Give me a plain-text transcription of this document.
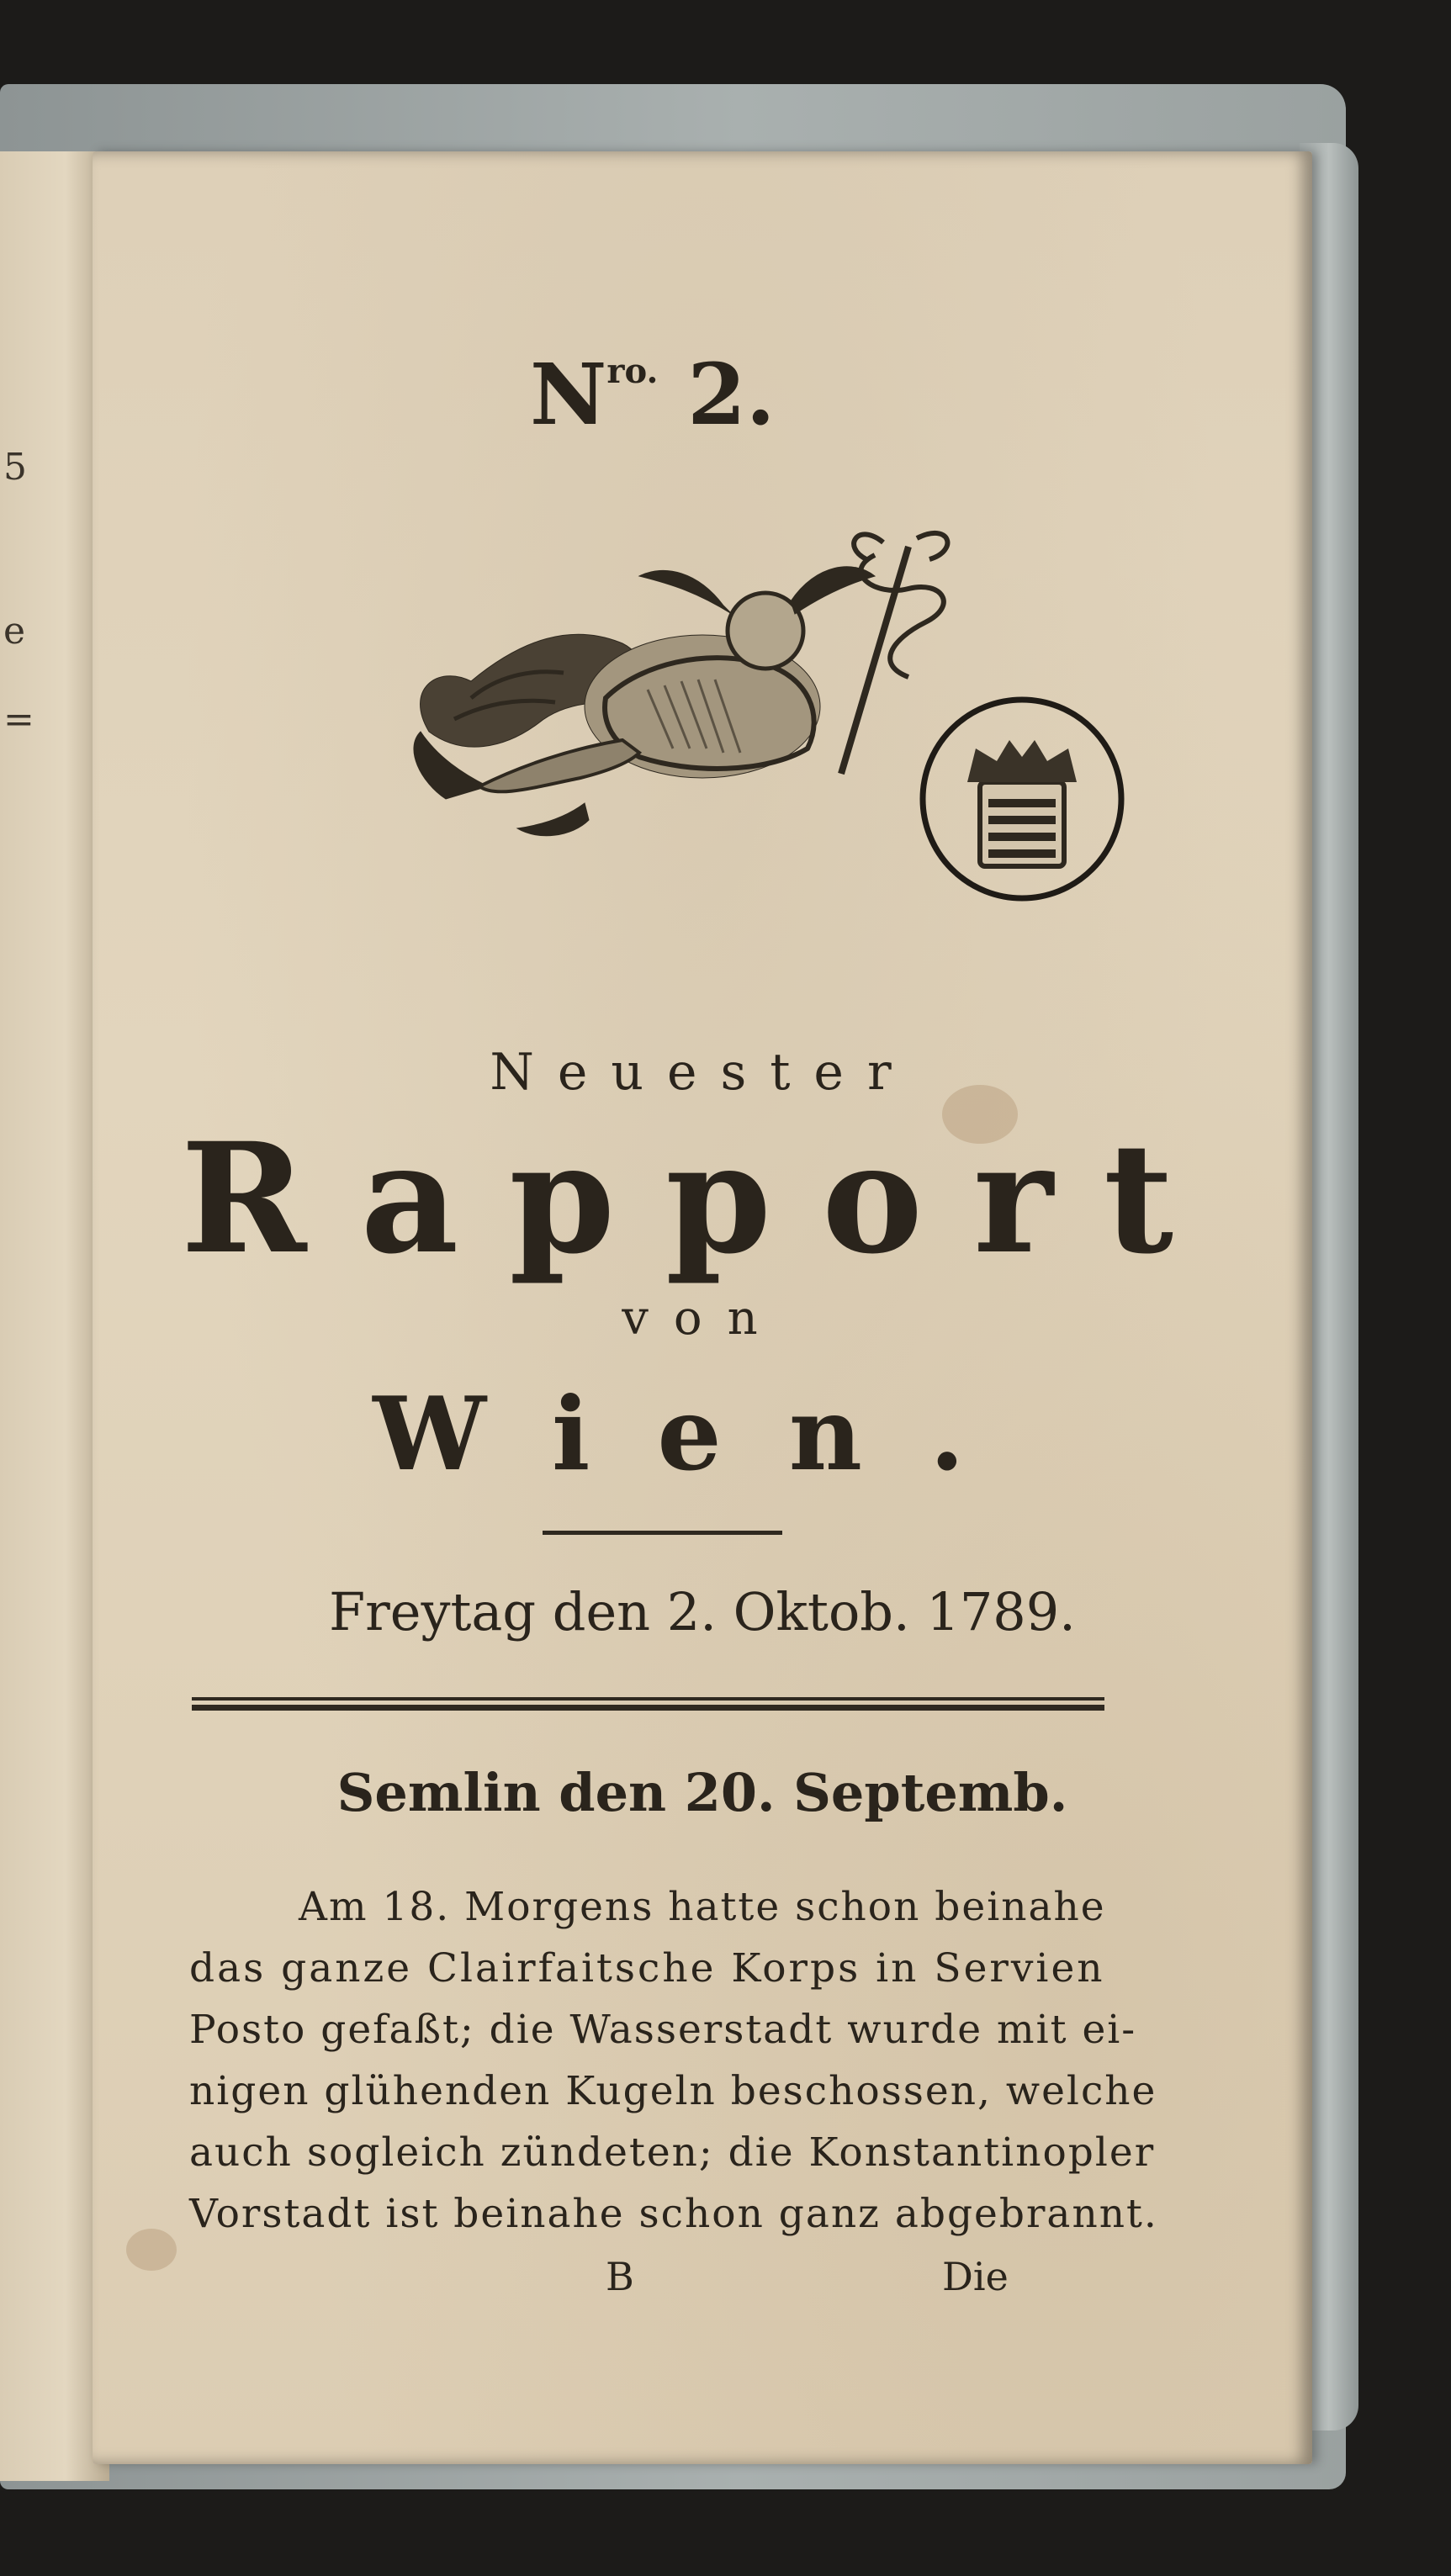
5
e
=
$N^{ro.}$ 2.
Neuester
Rapport
von
Wien.
Freytag den 2. Oktob. 1789.
Semlin den 20. Septemb.
Am 18. Morgens hatte schon beinahe
das ganze Clairfaitsche Korps in Servien
Posto gefaßt; die Wasserstadt wurde mit ei-
nigen glühenden Kugeln beschossen, welche
auch sogleich zündeten; die Konstantinopler
Vorstadt ist beinahe schon ganz abgebrannt.
B	Die
